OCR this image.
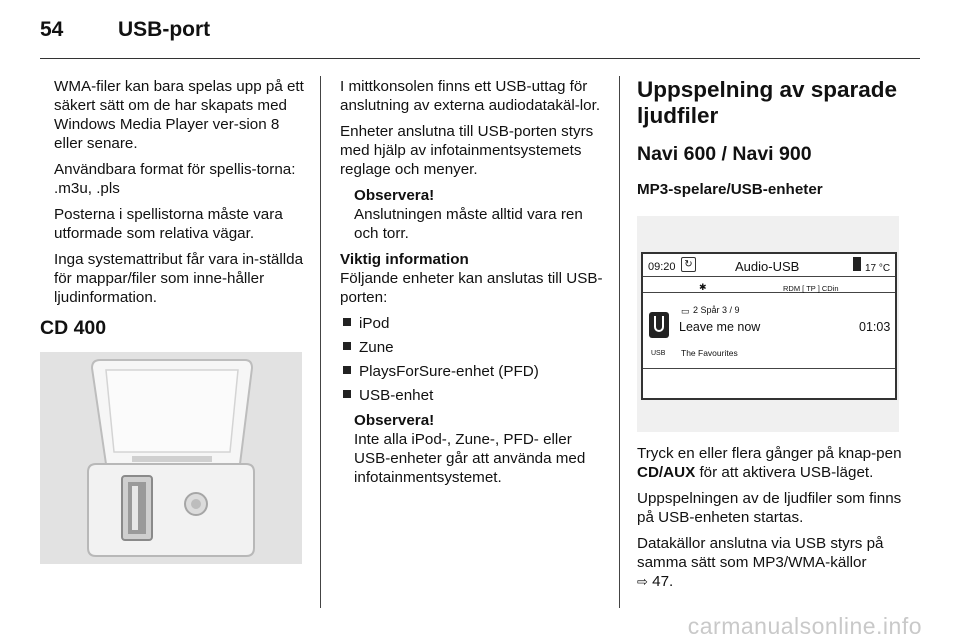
54	USB-port

WMA-filer kan bara spelas upp på ett säkert sätt om de har skapats med Windows Media Player ver-sion 8 eller senare.

Användbara format för spellis-torna: .m3u, .pls

Posterna i spellistorna måste vara utformade som relativa vägar.

Inga systemattribut får vara in-ställda för mappar/filer som inne-håller ljudinformation.

CD 400

I mittkonsolen finns ett USB-uttag för anslutning av externa audiodatakäl-lor.

Enheter anslutna till USB-porten styrs med hjälp av infotainmentsystemets reglage och menyer.

Observera!
Anslutningen måste alltid vara ren och torr.
Viktig information

Följande enheter kan anslutas till USB-porten:

iPod
Zune
PlaysForSure-enhet (PFD)
USB-enhet
Observera!
Inte alla iPod-, Zune-, PFD- eller USB-enheter går att använda med infotainmentsystemet.
Uppspelning av sparade ljudfiler
Navi 600 / Navi 900
MP3-spelare/USB-enheter
09:20 ↻	Audio-USB	17 °C
✱	RDM [ TP ] CDin
▭ 2 Spår 3 / 9
USB
Leave me now	01:03
The Favourites

Tryck en eller flera gånger på knap-pen CD/AUX för att aktivera USB-läget.

Uppspelningen av de ljudfiler som finns på USB-enheten startas.

Datakällor anslutna via USB styrs på samma sätt som MP3/WMA-källor
⇨ 47.

carmanualsonline.info
